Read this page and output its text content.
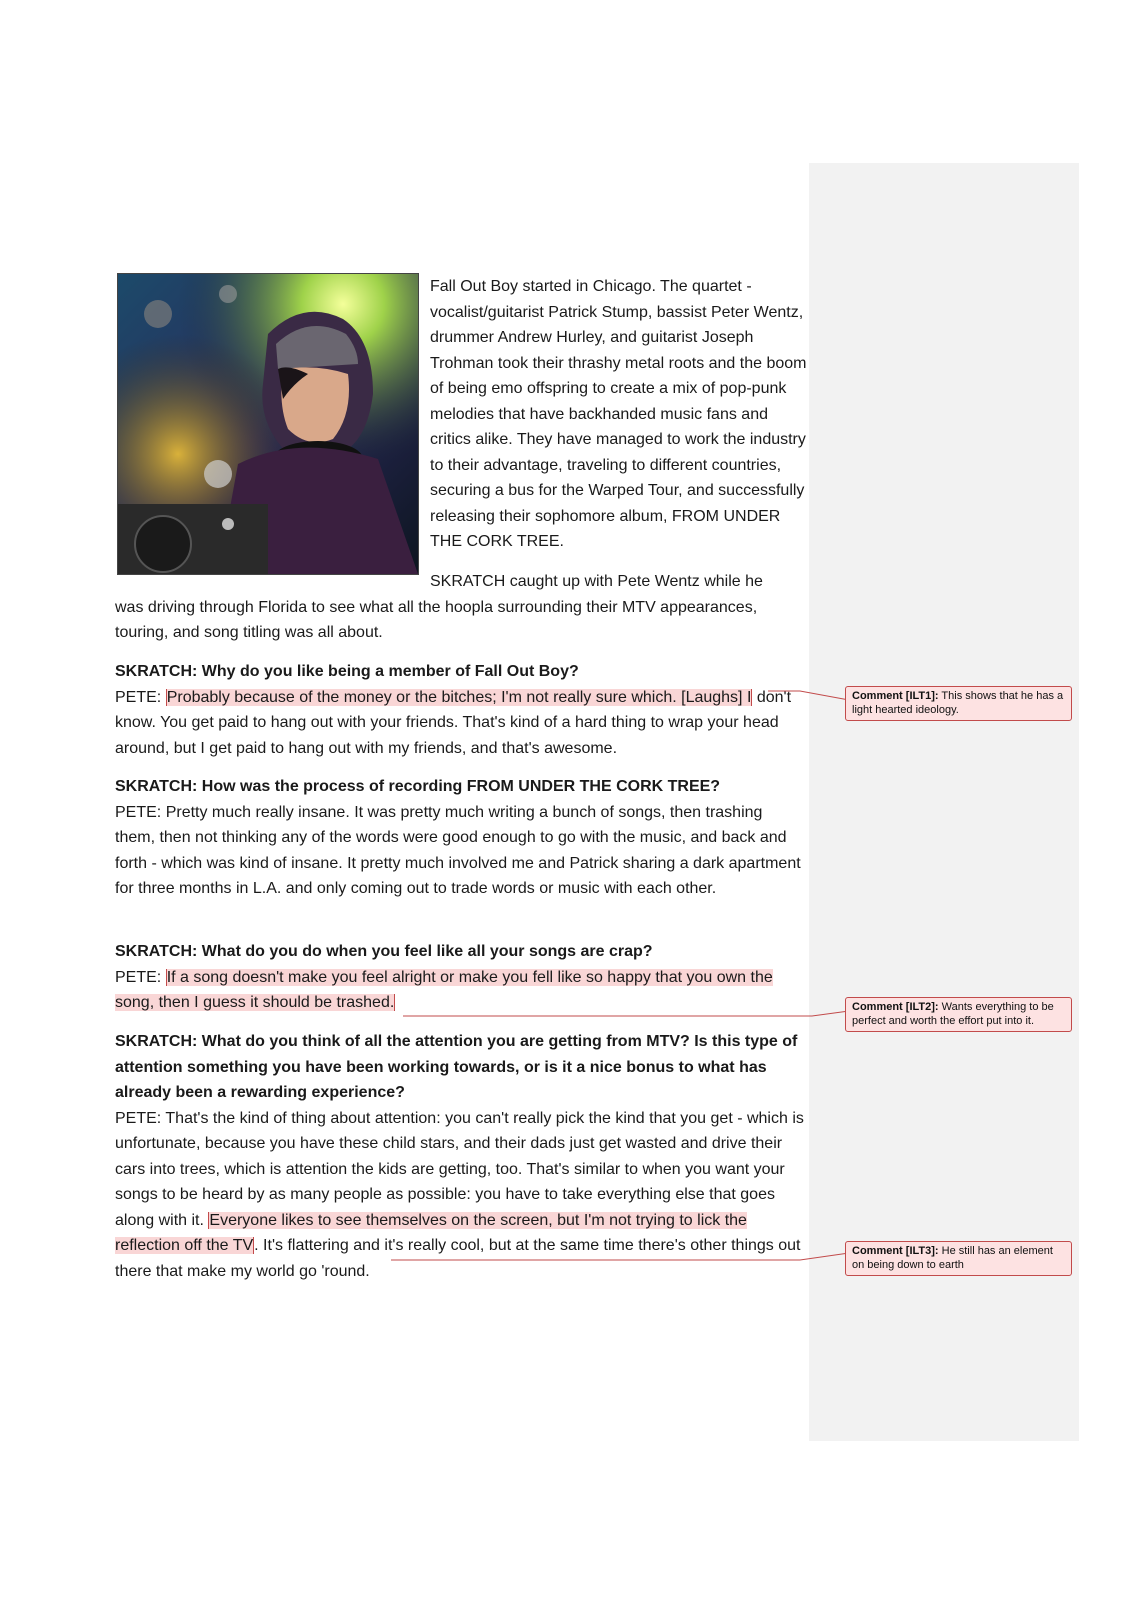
Fall Out Boy started in Chicago. The quartet - vocalist/guitarist Patrick Stump, bassist Peter Wentz, drummer Andrew Hurley, and guitarist Joseph Trohman took their thrashy metal roots and the boom of being emo offspring to create a mix of pop-punk melodies that have backhanded music fans and critics alike. They have managed to work the industry to their advantage, traveling to different countries, securing a bus for the Warped Tour, and successfully releasing their sophomore album, FROM UNDER THE CORK TREE.
SKRATCH caught up with Pete Wentz while he
was driving through Florida to see what all the hoopla surrounding their MTV appearances, touring, and song titling was all about.
SKRATCH: Why do you like being a member of Fall Out Boy?
PETE: Probably because of the money or the bitches; I'm not really sure which. [Laughs] I don't know. You get paid to hang out with your friends. That's kind of a hard thing to wrap your head around, but I get paid to hang out with my friends, and that's awesome.
SKRATCH: How was the process of recording FROM UNDER THE CORK TREE?
PETE: Pretty much really insane. It was pretty much writing a bunch of songs, then trashing them, then not thinking any of the words were good enough to go with the music, and back and forth - which was kind of insane. It pretty much involved me and Patrick sharing a dark apartment for three months in L.A. and only coming out to trade words or music with each other.
SKRATCH: What do you do when you feel like all your songs are crap?
PETE: If a song doesn't make you feel alright or make you fell like so happy that you own the song, then I guess it should be trashed.
SKRATCH: What do you think of all the attention you are getting from MTV? Is this type of attention something you have been working towards, or is it a nice bonus to what has already been a rewarding experience?
PETE: That's the kind of thing about attention: you can't really pick the kind that you get - which is unfortunate, because you have these child stars, and their dads just get wasted and drive their cars into trees, which is attention the kids are getting, too. That's similar to when you want your songs to be heard by as many people as possible: you have to take everything else that goes along with it. Everyone likes to see themselves on the screen, but I'm not trying to lick the reflection off the TV. It's flattering and it's really cool, but at the same time there's other things out there that make my world go 'round.
Comment [ILT1]: This shows that he has a light hearted ideology.
Comment [ILT2]: Wants everything to be perfect and worth the effort put into it.
Comment [ILT3]: He still has an element on being down to earth
